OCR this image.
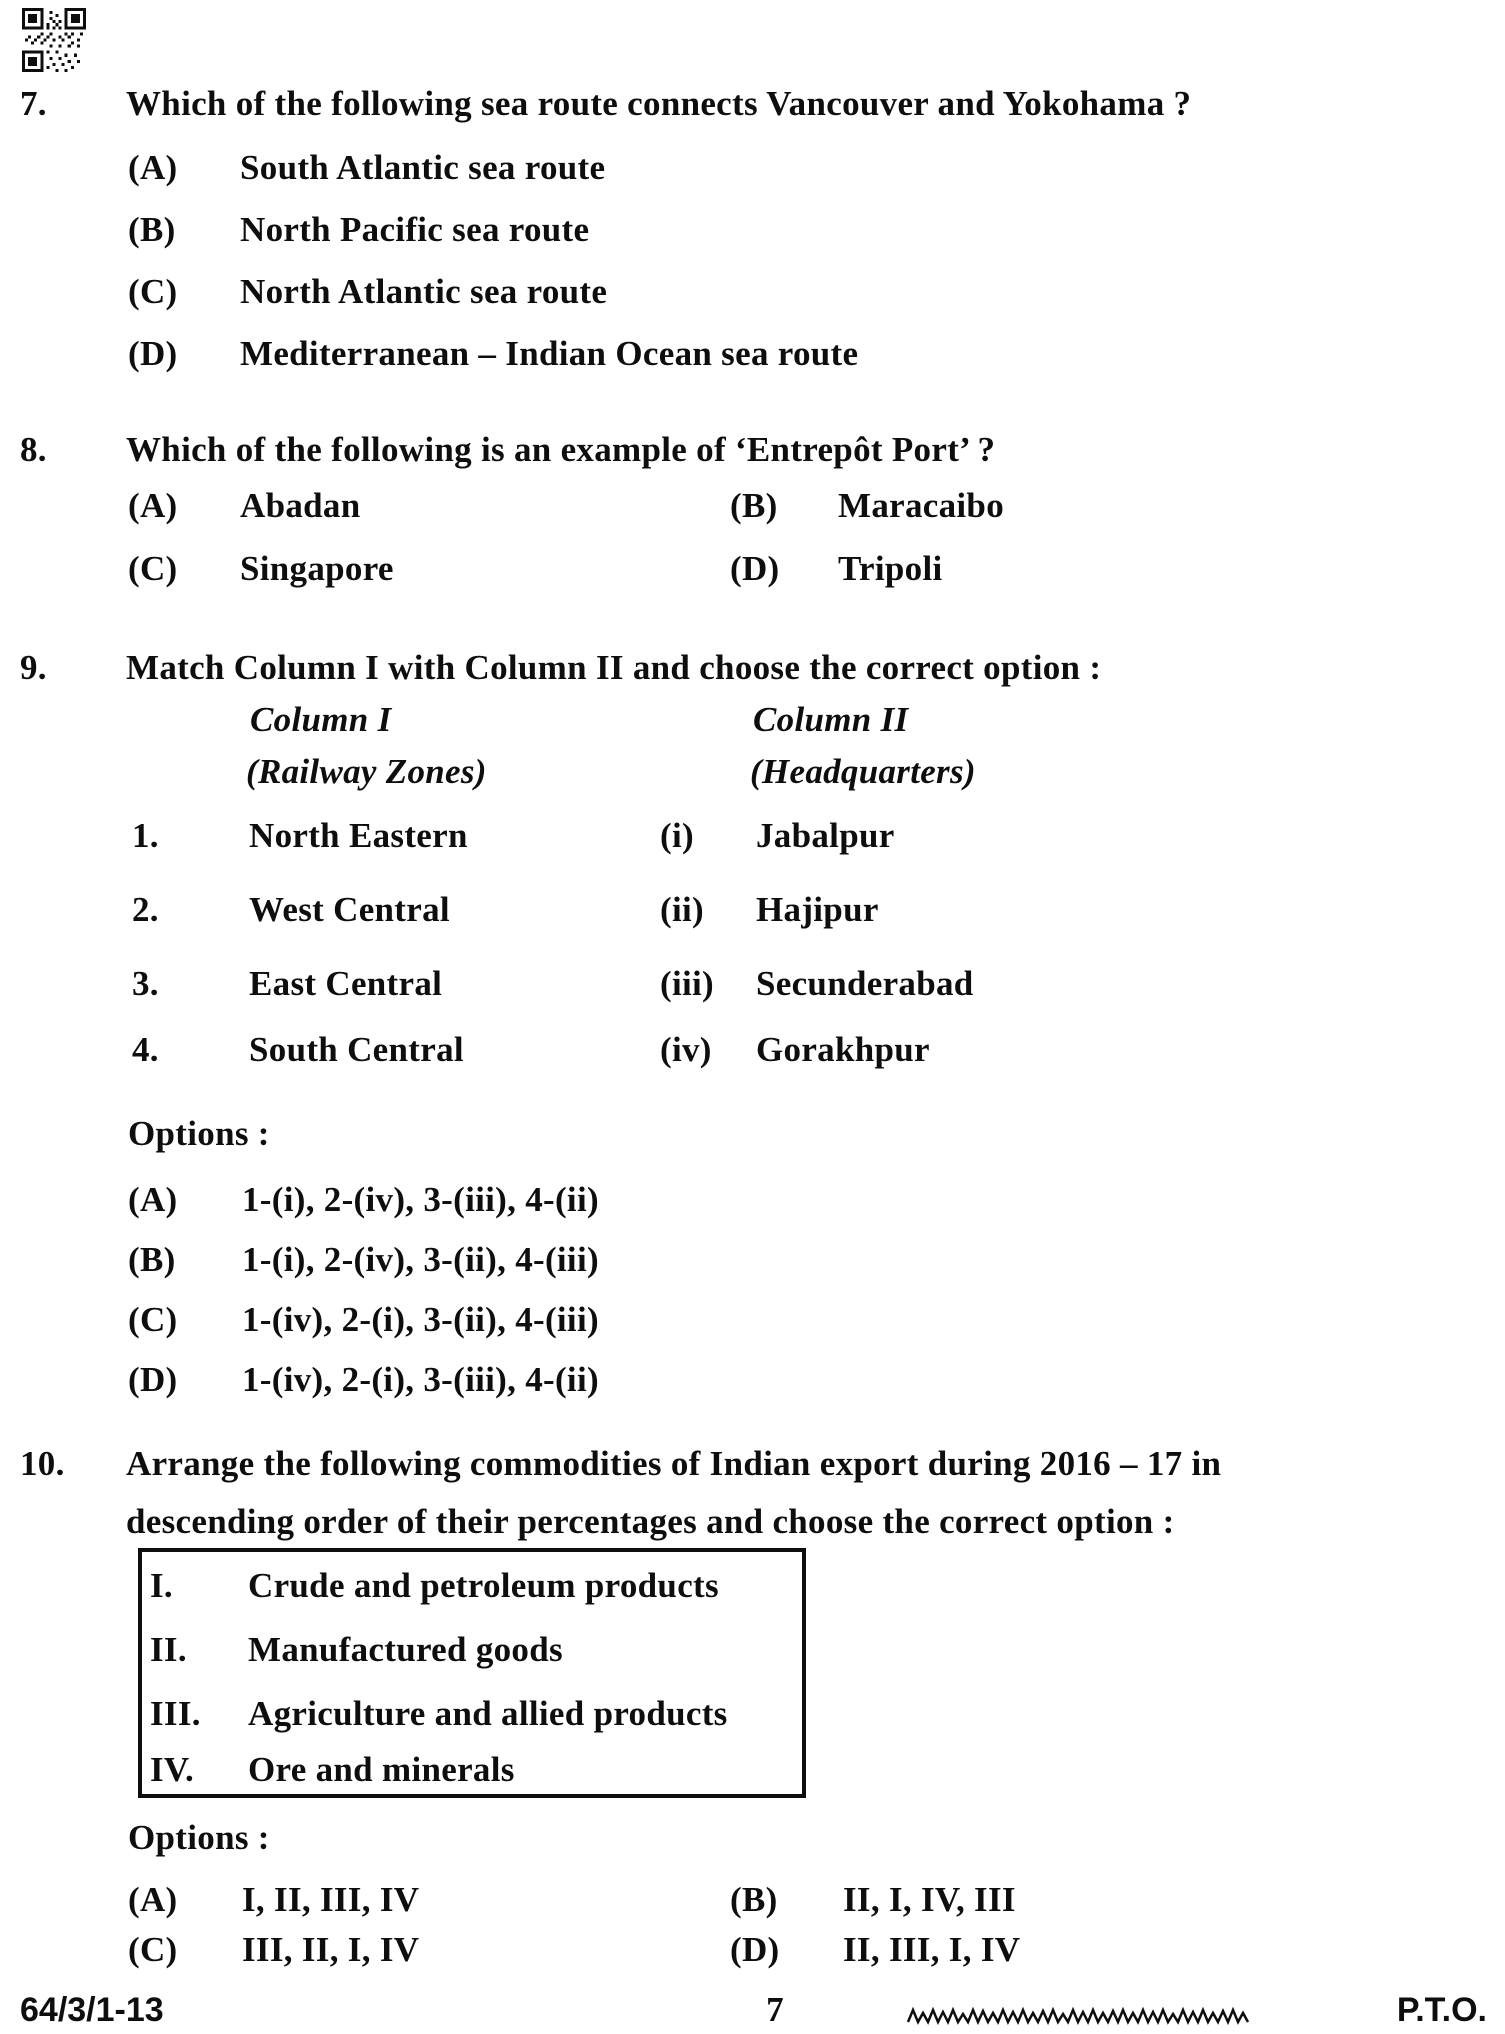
7. Which of the following sea route connects Vancouver and Yokohama ?
(A) South Atlantic sea route
(B) North Pacific sea route
(C) North Atlantic sea route
(D) Mediterranean – Indian Ocean sea route
8. Which of the following is an example of ‘Entrepôt Port’ ?
(A) Abadan	(B) Maracaibo
(C) Singapore	(D) Tripoli
9. Match Column I with Column II and choose the correct option :
Column I	Column II
(Railway Zones)	(Headquarters)
1.	North Eastern	(i) Jabalpur
2.	West Central	(ii) Hajipur
3.	East Central	(iii) Secunderabad
4.	South Central	(iv) Gorakhpur
Options :
(A) 1-(i), 2-(iv), 3-(iii), 4-(ii)
(B) 1-(i), 2-(iv), 3-(ii), 4-(iii)
(C) 1-(iv), 2-(i), 3-(ii), 4-(iii)
(D) 1-(iv), 2-(i), 3-(iii), 4-(ii)
10. Arrange the following commodities of Indian export during 2016 – 17 in
descending order of their percentages and choose the correct option :
I. Crude and petroleum products
II. Manufactured goods
III. Agriculture and allied products
IV. Ore and minerals
Options :
(A) I, II, III, IV	(B) II, I, IV, III
(C) III, II, I, IV	(D) II, III, I, IV
64/3/1-13	7	P.T.O.
